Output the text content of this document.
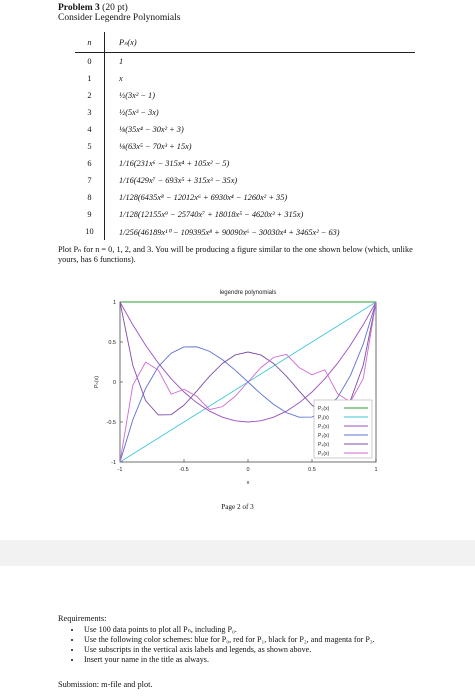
Problem 3 (20 pt)
Consider Legendre Polynomials
n	Pₙ(x)
0	1
1	x
2	½(3x² − 1)
3	½(5x³ − 3x)
4	⅛(35x⁴ − 30x² + 3)
5	⅛(63x⁵ − 70x³ + 15x)
6	1/16(231x⁶ − 315x⁴ + 105x² − 5)
7	1/16(429x⁷ − 693x⁵ + 315x³ − 35x)
8	1/128(6435x⁸ − 12012x⁶ + 6930x⁴ − 1260x² + 35)
9	1/128(12155x⁹ − 25740x⁷ + 18018x⁵ − 4620x³ + 315x)
10	1/256(46189x¹⁰ − 109395x⁸ + 90090x⁶ − 30030x⁴ + 3465x² − 63)
Plot Pₙ for n = 0, 1, 2, and 3. You will be producing a figure similar to the one shown below (which, unlike yours, has 6 functions).
legendre polynomials
-1	-0.5	0	0.5	1
-1
-0.5
0
0.5
1
x
Pₙ(x)
P₀(x)
P₁(x)
P₂(x)
P₃(x)
P₄(x)
P₅(x)
Page 2 of 3
Requirements:
• Use 100 data points to plot all Pₙ, including P₀.
• Use the following color schemes: blue for P₀, red for P₁, black for P₂, and magenta for P₃.
• Use subscripts in the vertical axis labels and legends, as shown above.
• Insert your name in the title as always.
Submission: m-file and plot.
